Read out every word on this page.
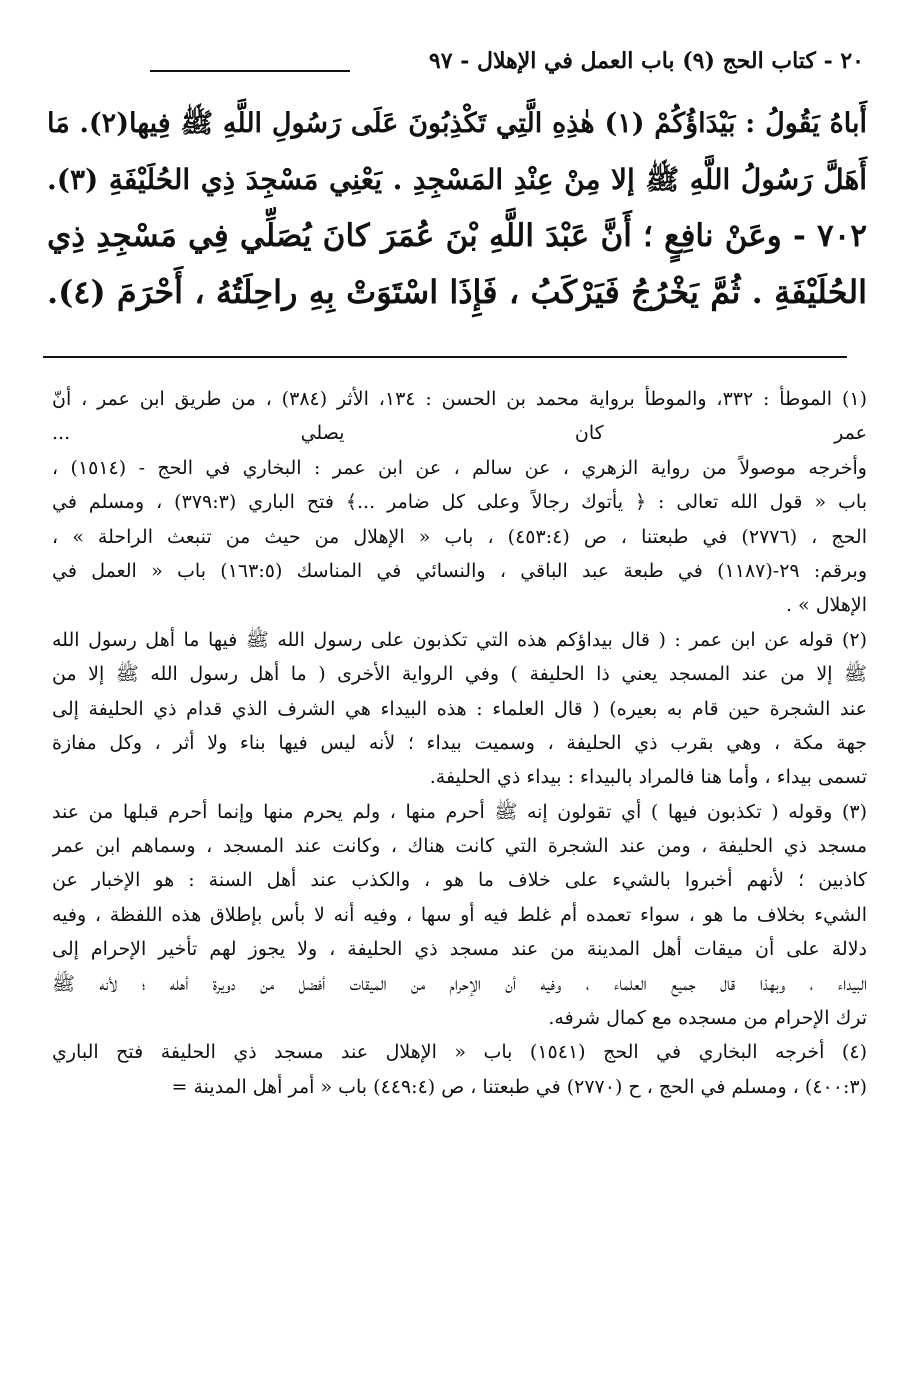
٢٠ - كتاب الحج (٩) باب العمل في الإهلال - ٩٧
أَباهُ يَقُولُ : بَيْدَاؤُكُمْ (١) هٰذِهِ الَّتِي تَكْذِبُونَ عَلَى رَسُولِ اللَّهِ ﷺ فِيها(٢). مَا
أَهَلَّ رَسُولُ اللَّهِ ﷺ إلا مِنْ عِنْدِ المَسْجِدِ . يَعْنِي مَسْجِدَ ذِي الحُلَيْفَةِ (٣).
٧٠٢ - وعَنْ نافِعٍ ؛ أَنَّ عَبْدَ اللَّهِ بْنَ عُمَرَ كانَ يُصَلِّي فِي مَسْجِدِ ذِي
الحُلَيْفَةِ . ثُمَّ يَخْرُجُ فَيَرْكَبُ ، فَإِذَا اسْتَوَتْ بِهِ راحِلَتُهُ ، أَحْرَمَ (٤).
(١) الموطأ : ٣٣٢، والموطأ برواية محمد بن الحسن : ١٣٤، الأثر (٣٨٤) ، من طريق ابن عمر ، أنّ
عمر كان يصلي ...
وأخرجه موصولاً من رواية الزهري ، عن سالم ، عن ابن عمر : البخاري في الحج - (١٥١٤) ،
باب « قول الله تعالى : ﴿ يأتوك رجالاً وعلى كل ضامر ...﴾ فتح الباري (٣٧٩:٣) ، ومسلم في
الحج ، (٢٧٧٦) في طبعتنا ، ص (٤٥٣:٤) ، باب « الإهلال من حيث من تنبعث الراحلة » ،
وبرقم: ٢٩-(١١٨٧) في طبعة عبد الباقي ، والنسائي في المناسك (١٦٣:٥) باب « العمل في
الإهلال » .
(٢) قوله عن ابن عمر : ( قال بيداؤكم هذه التي تكذبون على رسول الله ﷺ فيها ما أهل رسول الله
ﷺ إلا من عند المسجد يعني ذا الحليفة ) وفي الرواية الأخرى ( ما أهل رسول الله ﷺ إلا من
عند الشجرة حين قام به بعيره) ( قال العلماء : هذه البيداء هي الشرف الذي قدام ذي الحليفة إلى
جهة مكة ، وهي بقرب ذي الحليفة ، وسميت بيداء ؛ لأنه ليس فيها بناء ولا أثر ، وكل مفازة
تسمى بيداء ، وأما هنا فالمراد بالبيداء : بيداء ذي الحليفة.
(٣) وقوله ( تكذبون فيها ) أي تقولون إنه ﷺ أحرم منها ، ولم يحرم منها وإنما أحرم قبلها من عند
مسجد ذي الحليفة ، ومن عند الشجرة التي كانت هناك ، وكانت عند المسجد ، وسماهم ابن عمر
كاذبين ؛ لأنهم أخبروا بالشيء على خلاف ما هو ، والكذب عند أهل السنة : هو الإخبار عن
الشيء بخلاف ما هو ، سواء تعمده أم غلط فيه أو سها ، وفيه أنه لا بأس بإطلاق هذه اللفظة ، وفيه
دلالة على أن ميقات أهل المدينة من عند مسجد ذي الحليفة ، ولا يجوز لهم تأخير الإحرام إلى
البيداء ، وبهذا قال جميع العلماء ، وفيه أن الإحرام من الميقات أفضل من دويرة أهله ؛ لأنه ﷺ
ترك الإحرام من مسجده مع كمال شرفه.
(٤) أخرجه البخاري في الحج (١٥٤١) باب « الإهلال عند مسجد ذي الحليفة فتح الباري
(٤٠٠:٣) ، ومسلم في الحج ، ح (٢٧٧٠) في طبعتنا ، ص (٤٤٩:٤) باب « أمر أهل المدينة =
